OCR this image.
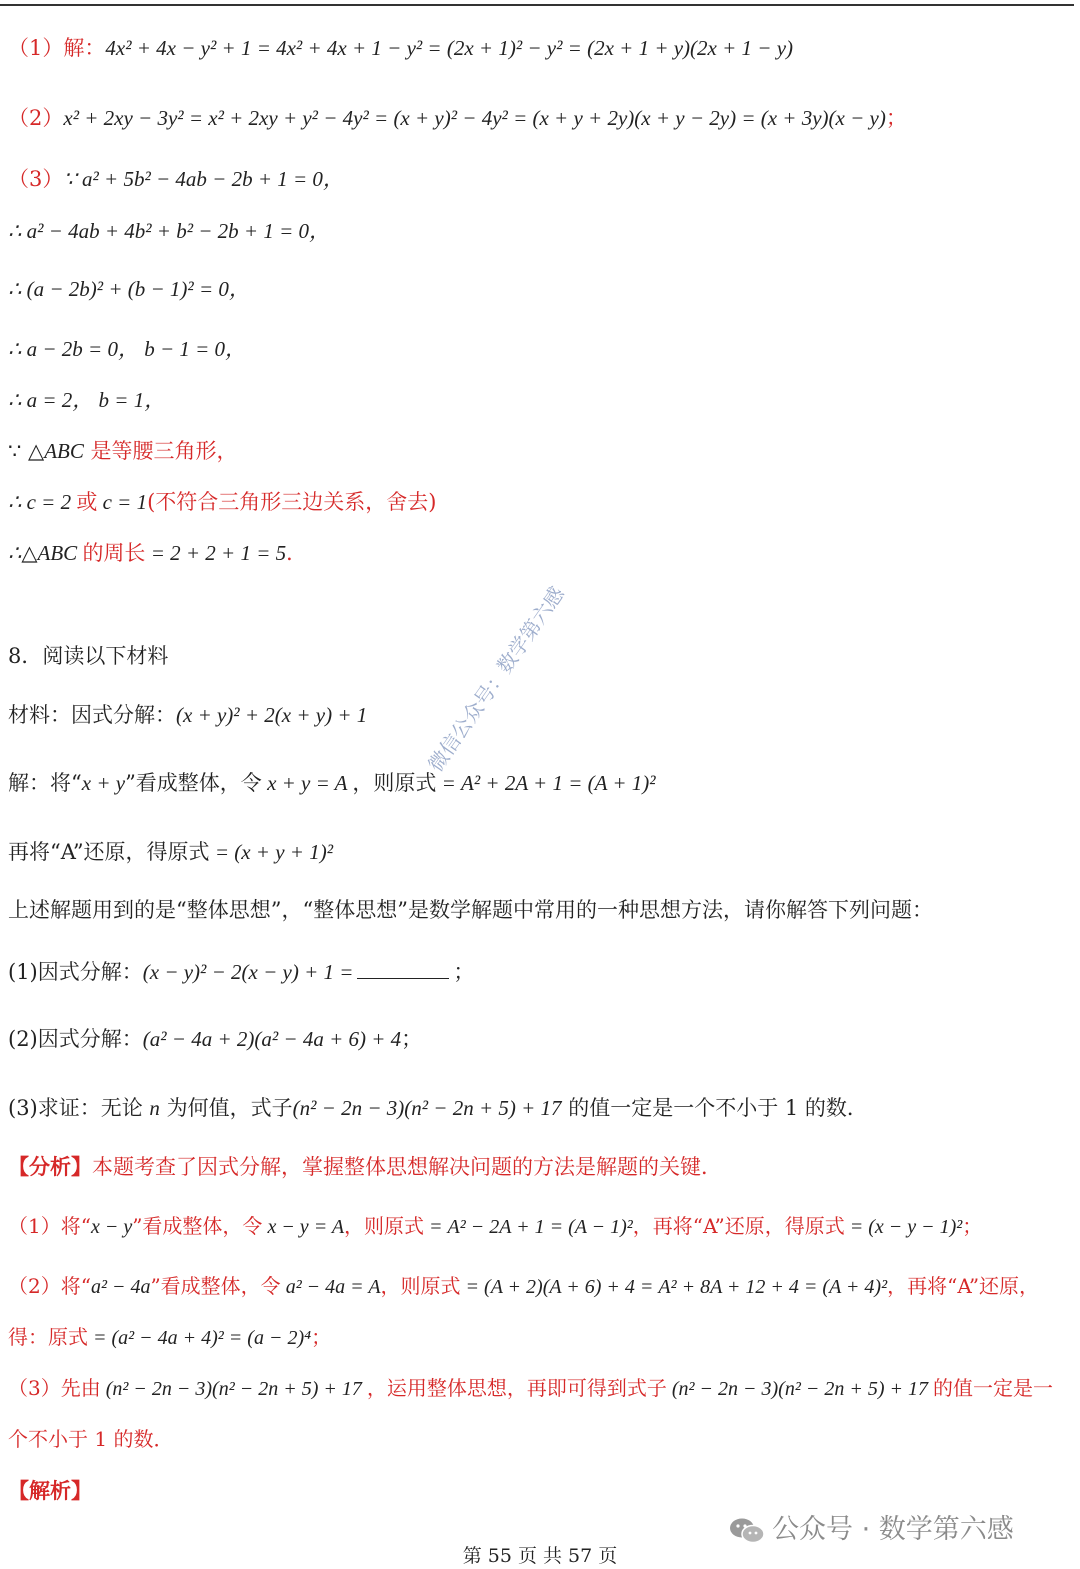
（1）解：4x² + 4x − y² + 1 = 4x² + 4x + 1 − y² = (2x + 1)² − y² = (2x + 1 + y)(2x + 1 − y)
（2）x² + 2xy − 3y² = x² + 2xy + y² − 4y² = (x + y)² − 4y² = (x + y + 2y)(x + y − 2y) = (x + 3y)(x − y)；
（3）∵ a² + 5b² − 4ab − 2b + 1 = 0，
∴ a² − 4ab + 4b² + b² − 2b + 1 = 0，
∴ (a − 2b)² + (b − 1)² = 0，
∴ a − 2b = 0， b − 1 = 0，
∴ a = 2， b = 1，
∵ △ABC 是等腰三角形，
∴ c = 2 或 c = 1(不符合三角形三边关系，舍去)
∴△ABC 的周长 = 2 + 2 + 1 = 5．
8．阅读以下材料
材料：因式分解：(x + y)² + 2(x + y) + 1
解：将“x + y”看成整体，令 x + y = A ，则原式 = A² + 2A + 1 = (A + 1)²
再将“A”还原，得原式 = (x + y + 1)²
上述解题用到的是“整体思想”，“整体思想”是数学解题中常用的一种思想方法，请你解答下列问题：
(1)因式分解：(x − y)² − 2(x − y) + 1 =	；
(2)因式分解：(a² − 4a + 2)(a² − 4a + 6) + 4；
(3)求证：无论 n 为何值，式子(n² − 2n − 3)(n² − 2n + 5) + 17 的值一定是一个不小于 1 的数．
【分析】本题考查了因式分解，掌握整体思想解决问题的方法是解题的关键．
（1）将“x − y”看成整体，令 x − y = A，则原式 = A² − 2A + 1 = (A − 1)²，再将“A”还原，得原式 = (x − y − 1)²；
（2）将“a² − 4a”看成整体，令 a² − 4a = A，则原式 = (A + 2)(A + 6) + 4 = A² + 8A + 12 + 4 = (A + 4)²，再将“A”还原，
得：原式 = (a² − 4a + 4)² = (a − 2)⁴；
（3）先由 (n² − 2n − 3)(n² − 2n + 5) + 17 ，运用整体思想，再即可得到式子 (n² − 2n − 3)(n² − 2n + 5) + 17 的值一定是一
个不小于 1 的数．
【解析】
微信公众号：数学第六感
公众号 · 数学第六感
第 55 页 共 57 页
